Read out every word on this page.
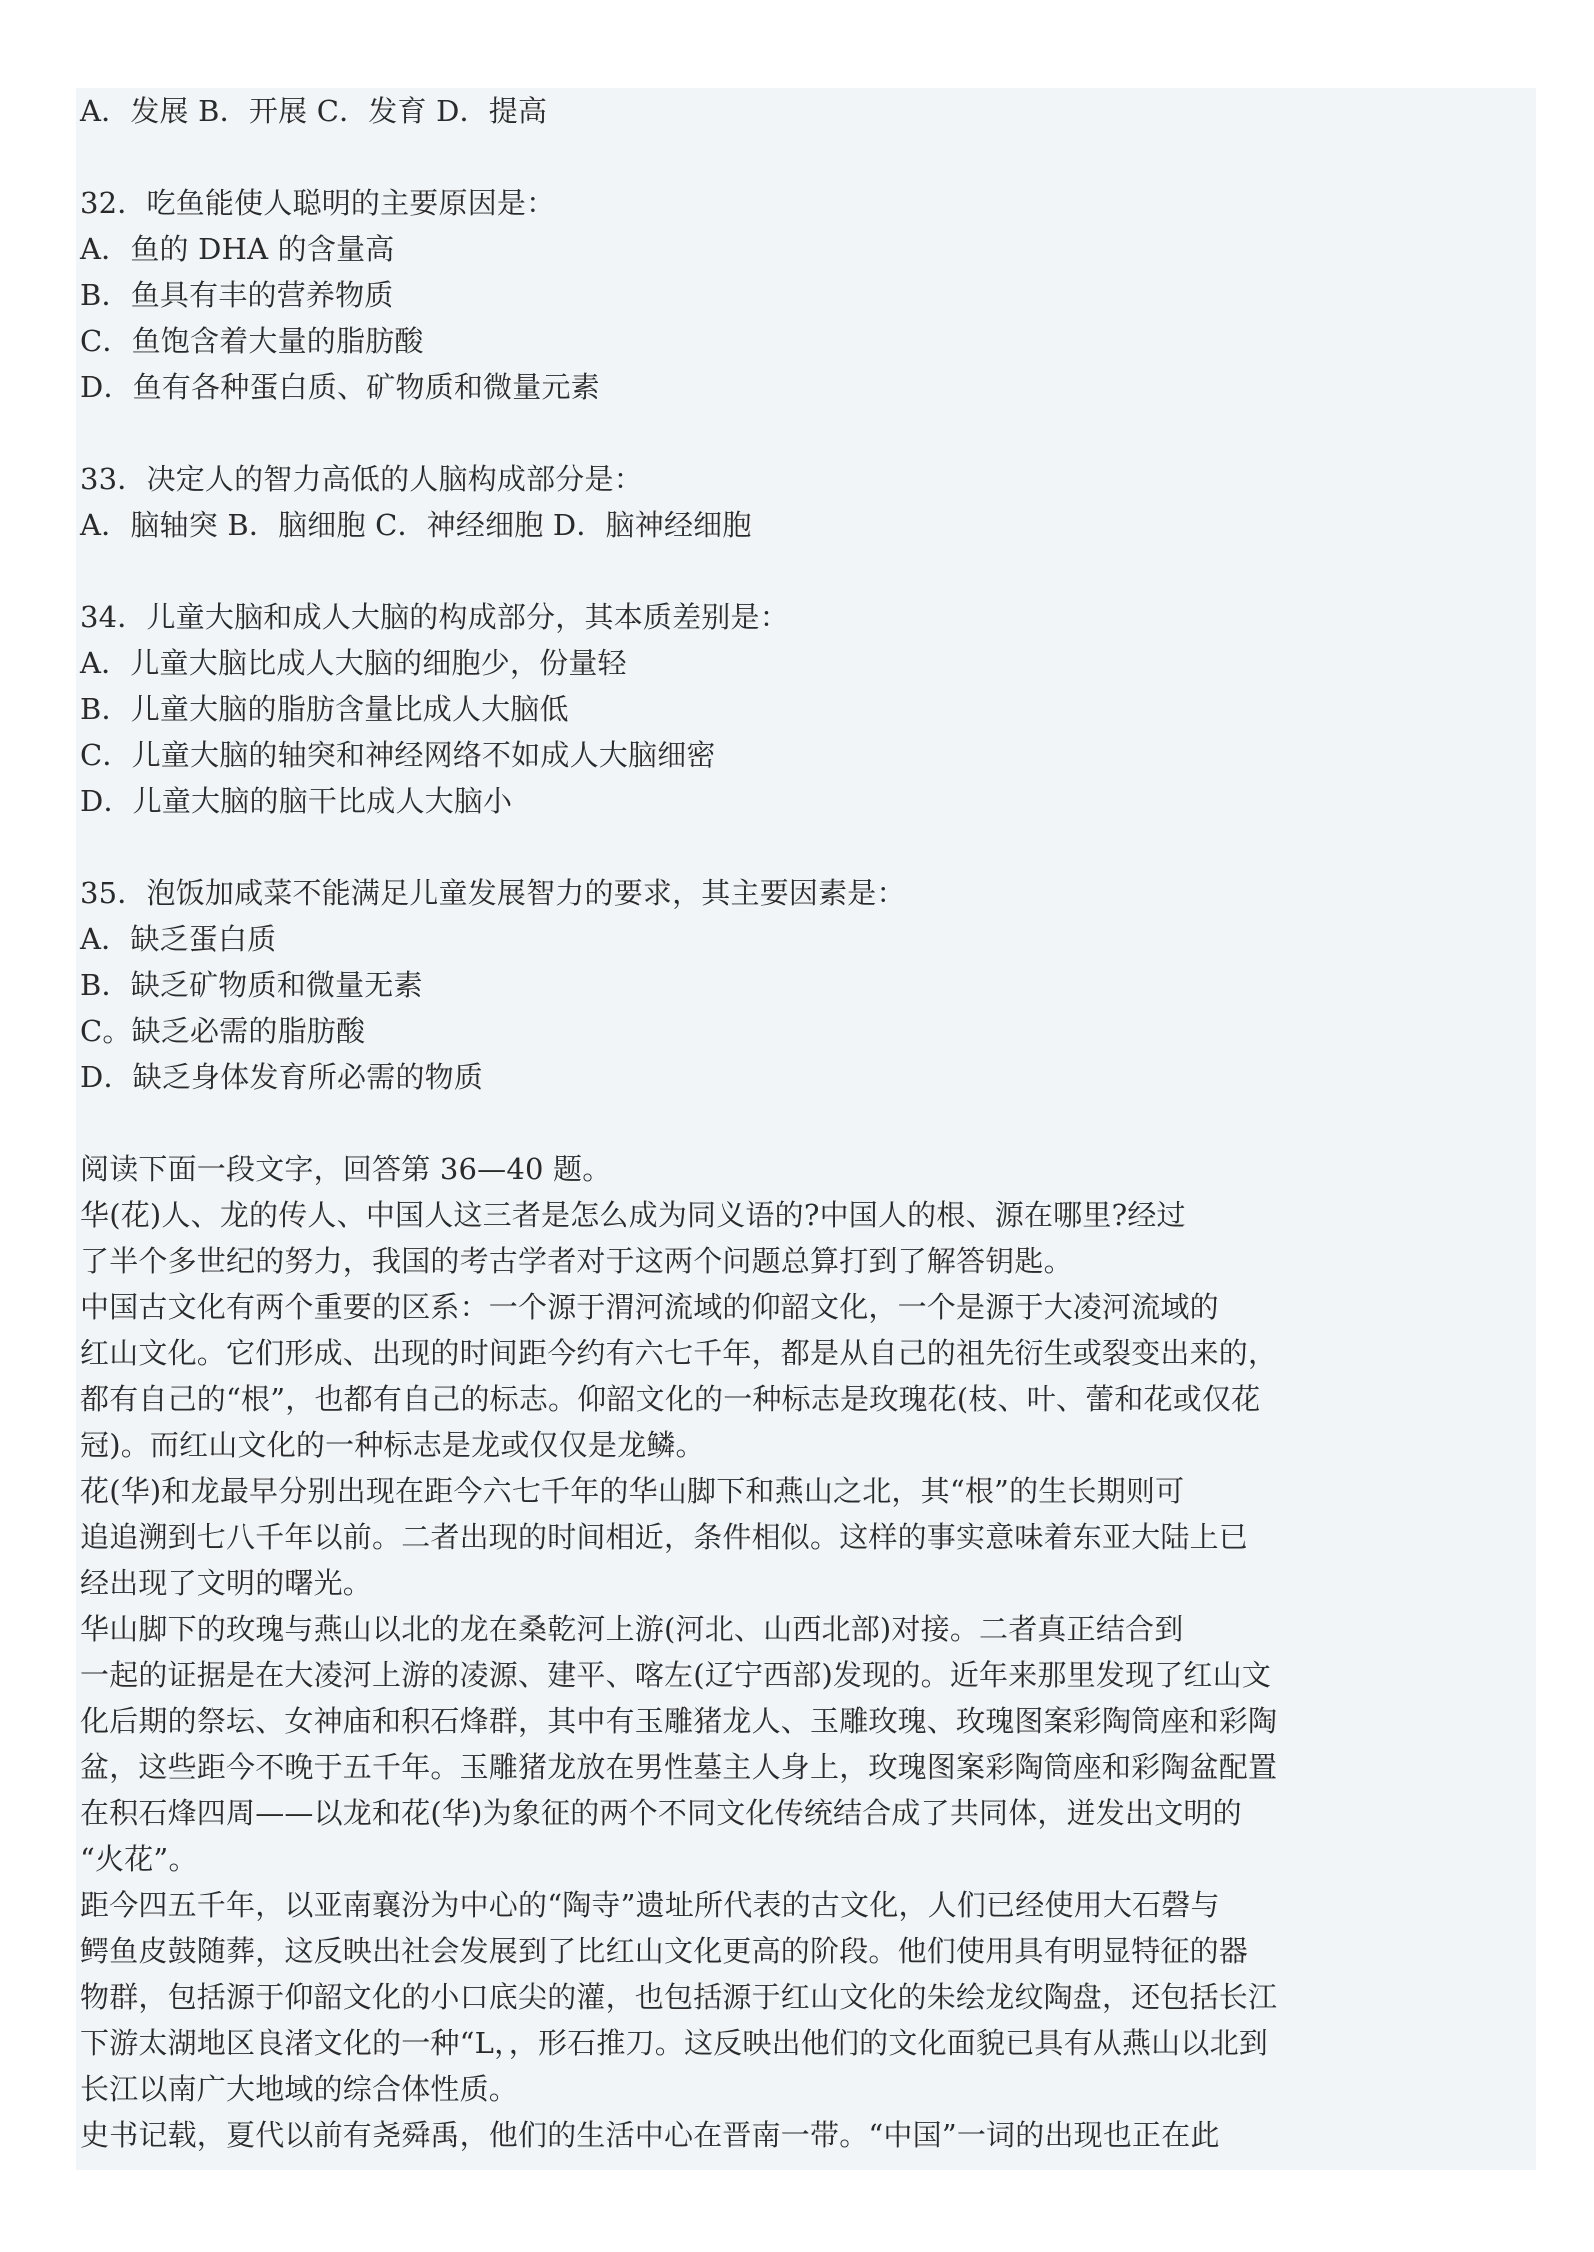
A．发展 B．开展 C．发育 D．提高
32．吃鱼能使人聪明的主要原因是：
A．鱼的 DHA 的含量高
B．鱼具有丰的营养物质
C．鱼饱含着大量的脂肪酸
D．鱼有各种蛋白质、矿物质和微量元素
33．决定人的智力高低的人脑构成部分是：
A．脑轴突 B．脑细胞 C．神经细胞 D．脑神经细胞
34．儿童大脑和成人大脑的构成部分，其本质差别是：
A．儿童大脑比成人大脑的细胞少，份量轻
B．儿童大脑的脂肪含量比成人大脑低
C．儿童大脑的轴突和神经网络不如成人大脑细密
D．儿童大脑的脑干比成人大脑小
35．泡饭加咸菜不能满足儿童发展智力的要求，其主要因素是：
A．缺乏蛋白质
B．缺乏矿物质和微量无素
C。缺乏必需的脂肪酸
D．缺乏身体发育所必需的物质
阅读下面一段文字，回答第 36—40 题。
华(花)人、龙的传人、中国人这三者是怎么成为同义语的?中国人的根、源在哪里?经过
了半个多世纪的努力，我国的考古学者对于这两个问题总算打到了解答钥匙。
中国古文化有两个重要的区系：一个源于渭河流域的仰韶文化，一个是源于大凌河流域的
红山文化。它们形成、出现的时间距今约有六七千年，都是从自己的祖先衍生或裂变出来的，
都有自己的“根”，也都有自己的标志。仰韶文化的一种标志是玫瑰花(枝、叶、蕾和花或仅花
冠)。而红山文化的一种标志是龙或仅仅是龙鳞。
花(华)和龙最早分别出现在距今六七千年的华山脚下和燕山之北，其“根”的生长期则可
追追溯到七八千年以前。二者出现的时间相近，条件相似。这样的事实意味着东亚大陆上已
经出现了文明的曙光。
华山脚下的玫瑰与燕山以北的龙在桑乾河上游(河北、山西北部)对接。二者真正结合到
一起的证据是在大凌河上游的凌源、建平、喀左(辽宁西部)发现的。近年来那里发现了红山文
化后期的祭坛、女神庙和积石烽群，其中有玉雕猪龙人、玉雕玫瑰、玫瑰图案彩陶筒座和彩陶
盆，这些距今不晚于五千年。玉雕猪龙放在男性墓主人身上，玫瑰图案彩陶筒座和彩陶盆配置
在积石烽四周——以龙和花(华)为象征的两个不同文化传统结合成了共同体，迸发出文明的
“火花”。
距今四五千年，以亚南襄汾为中心的“陶寺”遗址所代表的古文化，人们已经使用大石磬与
鳄鱼皮鼓随葬，这反映出社会发展到了比红山文化更高的阶段。他们使用具有明显特征的器
物群，包括源于仰韶文化的小口底尖的灌，也包括源于红山文化的朱绘龙纹陶盘，还包括长江
下游太湖地区良渚文化的一种“L，，形石推刀。这反映出他们的文化面貌已具有从燕山以北到
长江以南广大地域的综合体性质。
史书记载，夏代以前有尧舜禹，他们的生活中心在晋南一带。“中国”一词的出现也正在此
